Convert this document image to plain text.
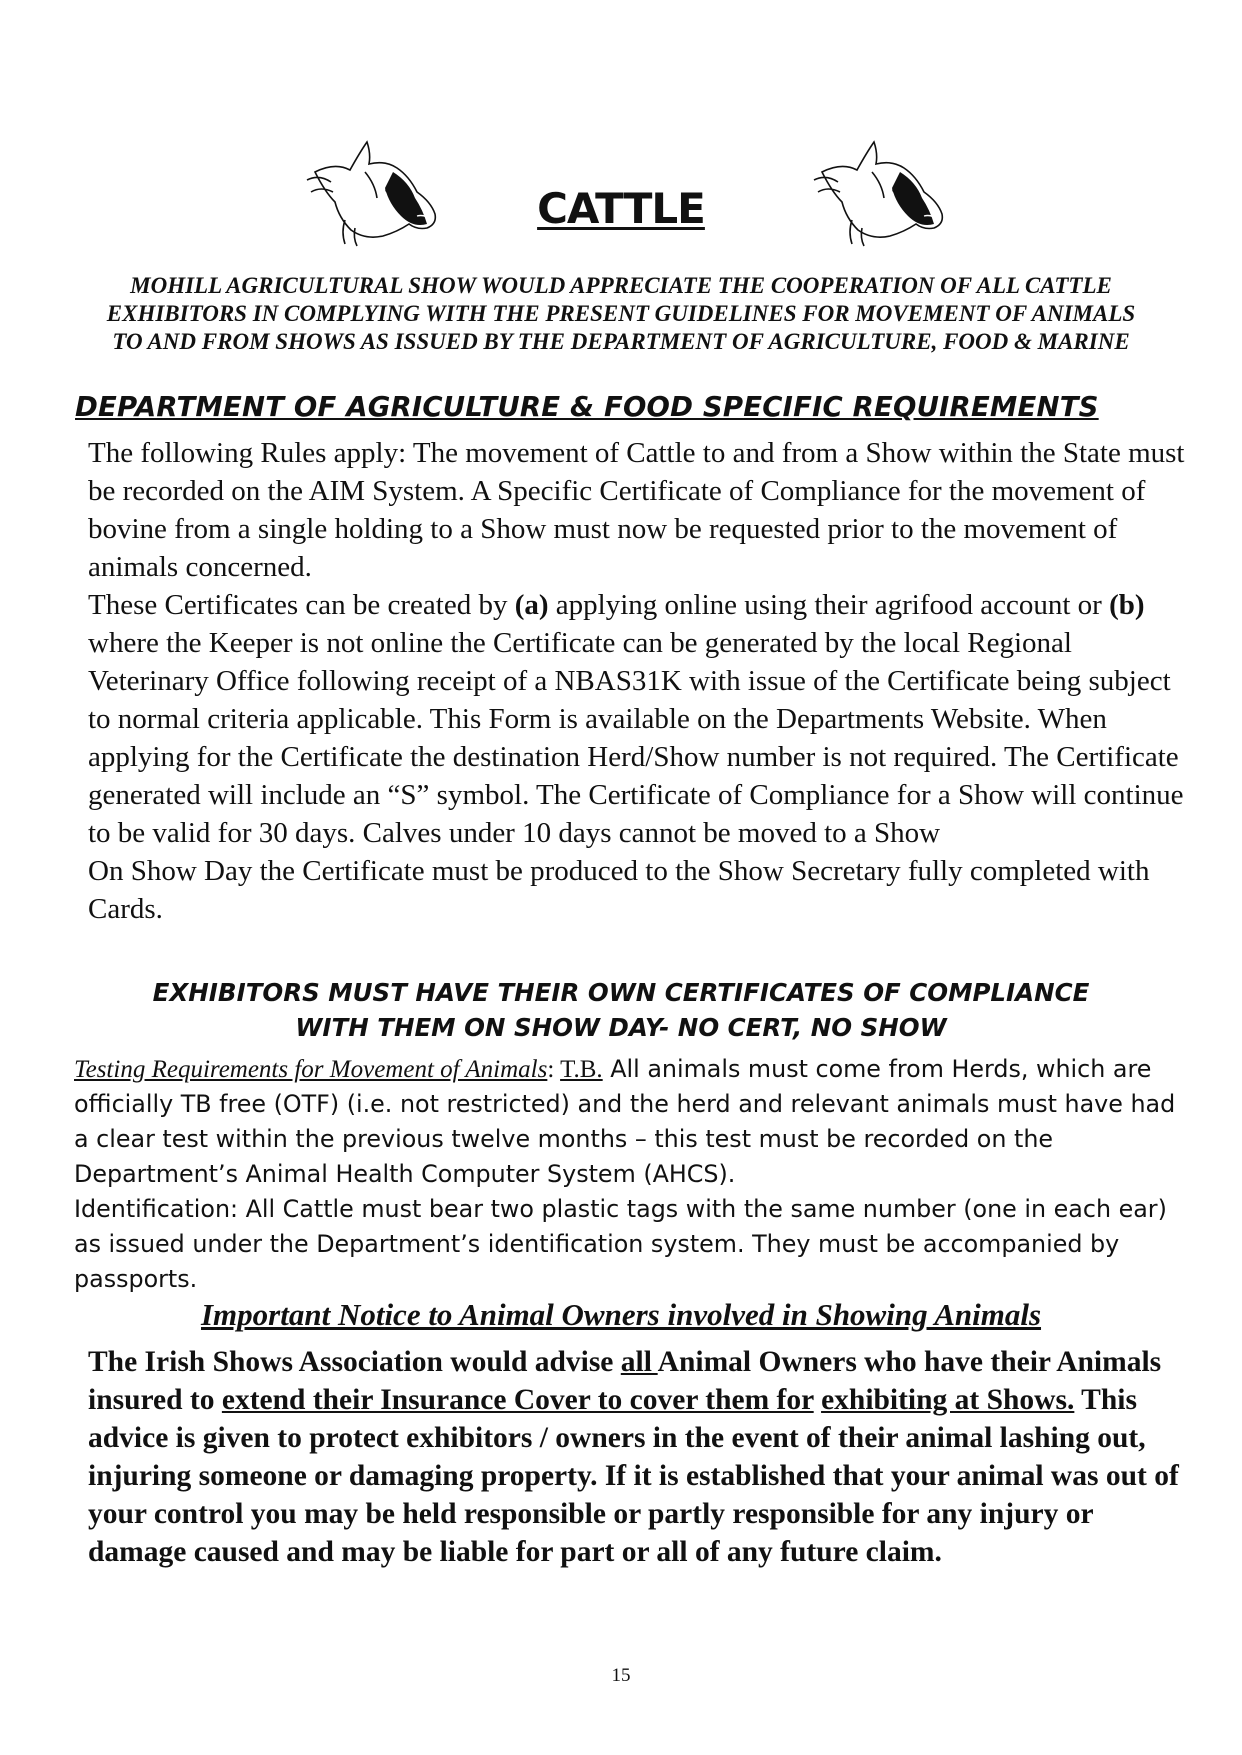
CATTLE
MOHILL AGRICULTURAL SHOW WOULD APPRECIATE THE COOPERATION OF ALL CATTLE
EXHIBITORS IN COMPLYING WITH THE PRESENT GUIDELINES FOR MOVEMENT OF ANIMALS
TO AND FROM SHOWS AS ISSUED BY THE DEPARTMENT OF AGRICULTURE, FOOD & MARINE
DEPARTMENT OF AGRICULTURE & FOOD SPECIFIC REQUIREMENTS

The following Rules apply: The movement of Cattle to and from a Show within the State must be recorded on the AIM System. A Specific Certificate of Compliance for the movement of bovine from a single holding to a Show must now be requested prior to the movement of animals concerned.

These Certificates can be created by (a) applying online using their agrifood account or (b) where the Keeper is not online the Certificate can be generated by the local Regional Veterinary Office following receipt of a NBAS31K with issue of the Certificate being subject to normal criteria applicable. This Form is available on the Departments Website. When applying for the Certificate the destination Herd/Show number is not required. The Certificate generated will include an “S” symbol. The Certificate of Compliance for a Show will continue to be valid for 30 days. Calves under 10 days cannot be moved to a Show

On Show Day the Certificate must be produced to the Show Secretary fully completed with Cards.

EXHIBITORS MUST HAVE THEIR OWN CERTIFICATES OF COMPLIANCE
WITH THEM ON SHOW DAY- NO CERT, NO SHOW

Testing Requirements for Movement of Animals: T.B. All animals must come from Herds, which are officially TB free (OTF) (i.e. not restricted) and the herd and relevant animals must have had a clear test within the previous twelve months – this test must be recorded on the Department’s Animal Health Computer System (AHCS).

Identification: All Cattle must bear two plastic tags with the same number (one in each ear) as issued under the Department’s identification system. They must be accompanied by passports.

Important Notice to Animal Owners involved in Showing Animals
The Irish Shows Association would advise all Animal Owners who have their Animals insured to extend their Insurance Cover to cover them for exhibiting at Shows. This advice is given to protect exhibitors / owners in the event of their animal lashing out, injuring someone or damaging property. If it is established that your animal was out of your control you may be held responsible or partly responsible for any injury or damage caused and may be liable for part or all of any future claim.
15
